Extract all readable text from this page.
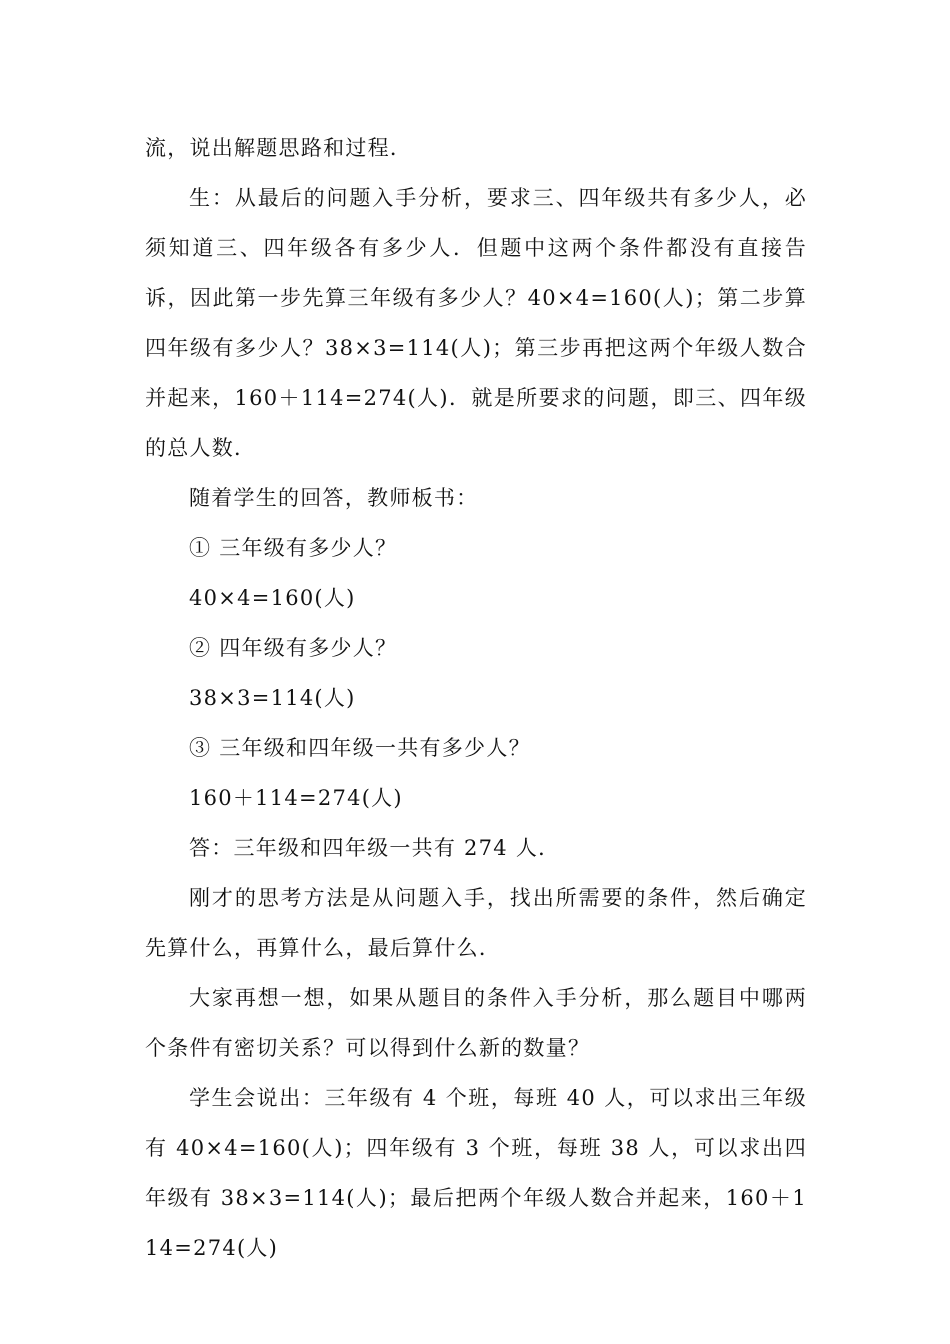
流，说出解题思路和过程．

生：从最后的问题入手分析，要求三、四年级共有多少人，必须知道三、四年级各有多少人．但题中这两个条件都没有直接告诉，因此第一步先算三年级有多少人？40×4=160(人)；第二步算四年级有多少人？38×3=114(人)；第三步再把这两个年级人数合并起来，160＋114=274(人)．就是所要求的问题，即三、四年级的总人数．

随着学生的回答，教师板书：

① 三年级有多少人？

40×4=160(人)

② 四年级有多少人？

38×3=114(人)

③ 三年级和四年级一共有多少人？

160＋114=274(人)

答：三年级和四年级一共有 274 人．

刚才的思考方法是从问题入手，找出所需要的条件，然后确定先算什么，再算什么，最后算什么．

大家再想一想，如果从题目的条件入手分析，那么题目中哪两个条件有密切关系？可以得到什么新的数量？

学生会说出：三年级有 4 个班，每班 40 人，可以求出三年级有 40×4=160(人)；四年级有 3 个班，每班 38 人，可以求出四年级有 38×3=114(人)；最后把两个年级人数合并起来，160＋114=274(人)
